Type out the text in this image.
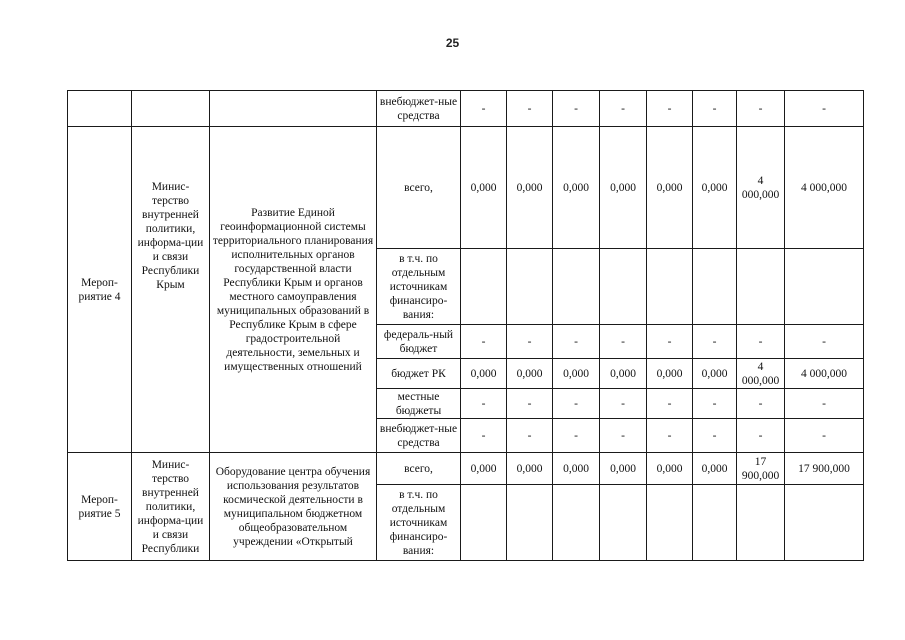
25
			внебюджет-ные средства	-	-	-	-	-	-	-	-
Мероп-риятие 4	Минис-терство внутренней политики, информа-ции и связи Республики Крым	Развитие Единой геоинформационной системы территориального планирования исполнительных органов государственной власти Республики Крым и органов местного самоуправления муниципальных образований в Республике Крым в сфере градостроительной деятельности, земельных и имущественных отношений	всего,	0,000	0,000	0,000	0,000	0,000	0,000	4 000,000	4 000,000
			в т.ч. по отдельным источникам финансиро-вания:								
			федераль-ный бюджет	-	-	-	-	-	-	-	-
			бюджет РК	0,000	0,000	0,000	0,000	0,000	0,000	4 000,000	4 000,000
			местные бюджеты	-	-	-	-	-	-	-	-
			внебюджет-ные средства	-	-	-	-	-	-	-	-
Мероп-риятие 5	Минис-терство внутренней политики, информа-ции и связи Республики	Оборудование центра обучения использования результатов космической деятельности в муниципальном бюджетном общеобразовательном учреждении «Открытый	всего,	0,000	0,000	0,000	0,000	0,000	0,000	17 900,000	17 900,000
			в т.ч. по отдельным источникам финансиро-вания:								
